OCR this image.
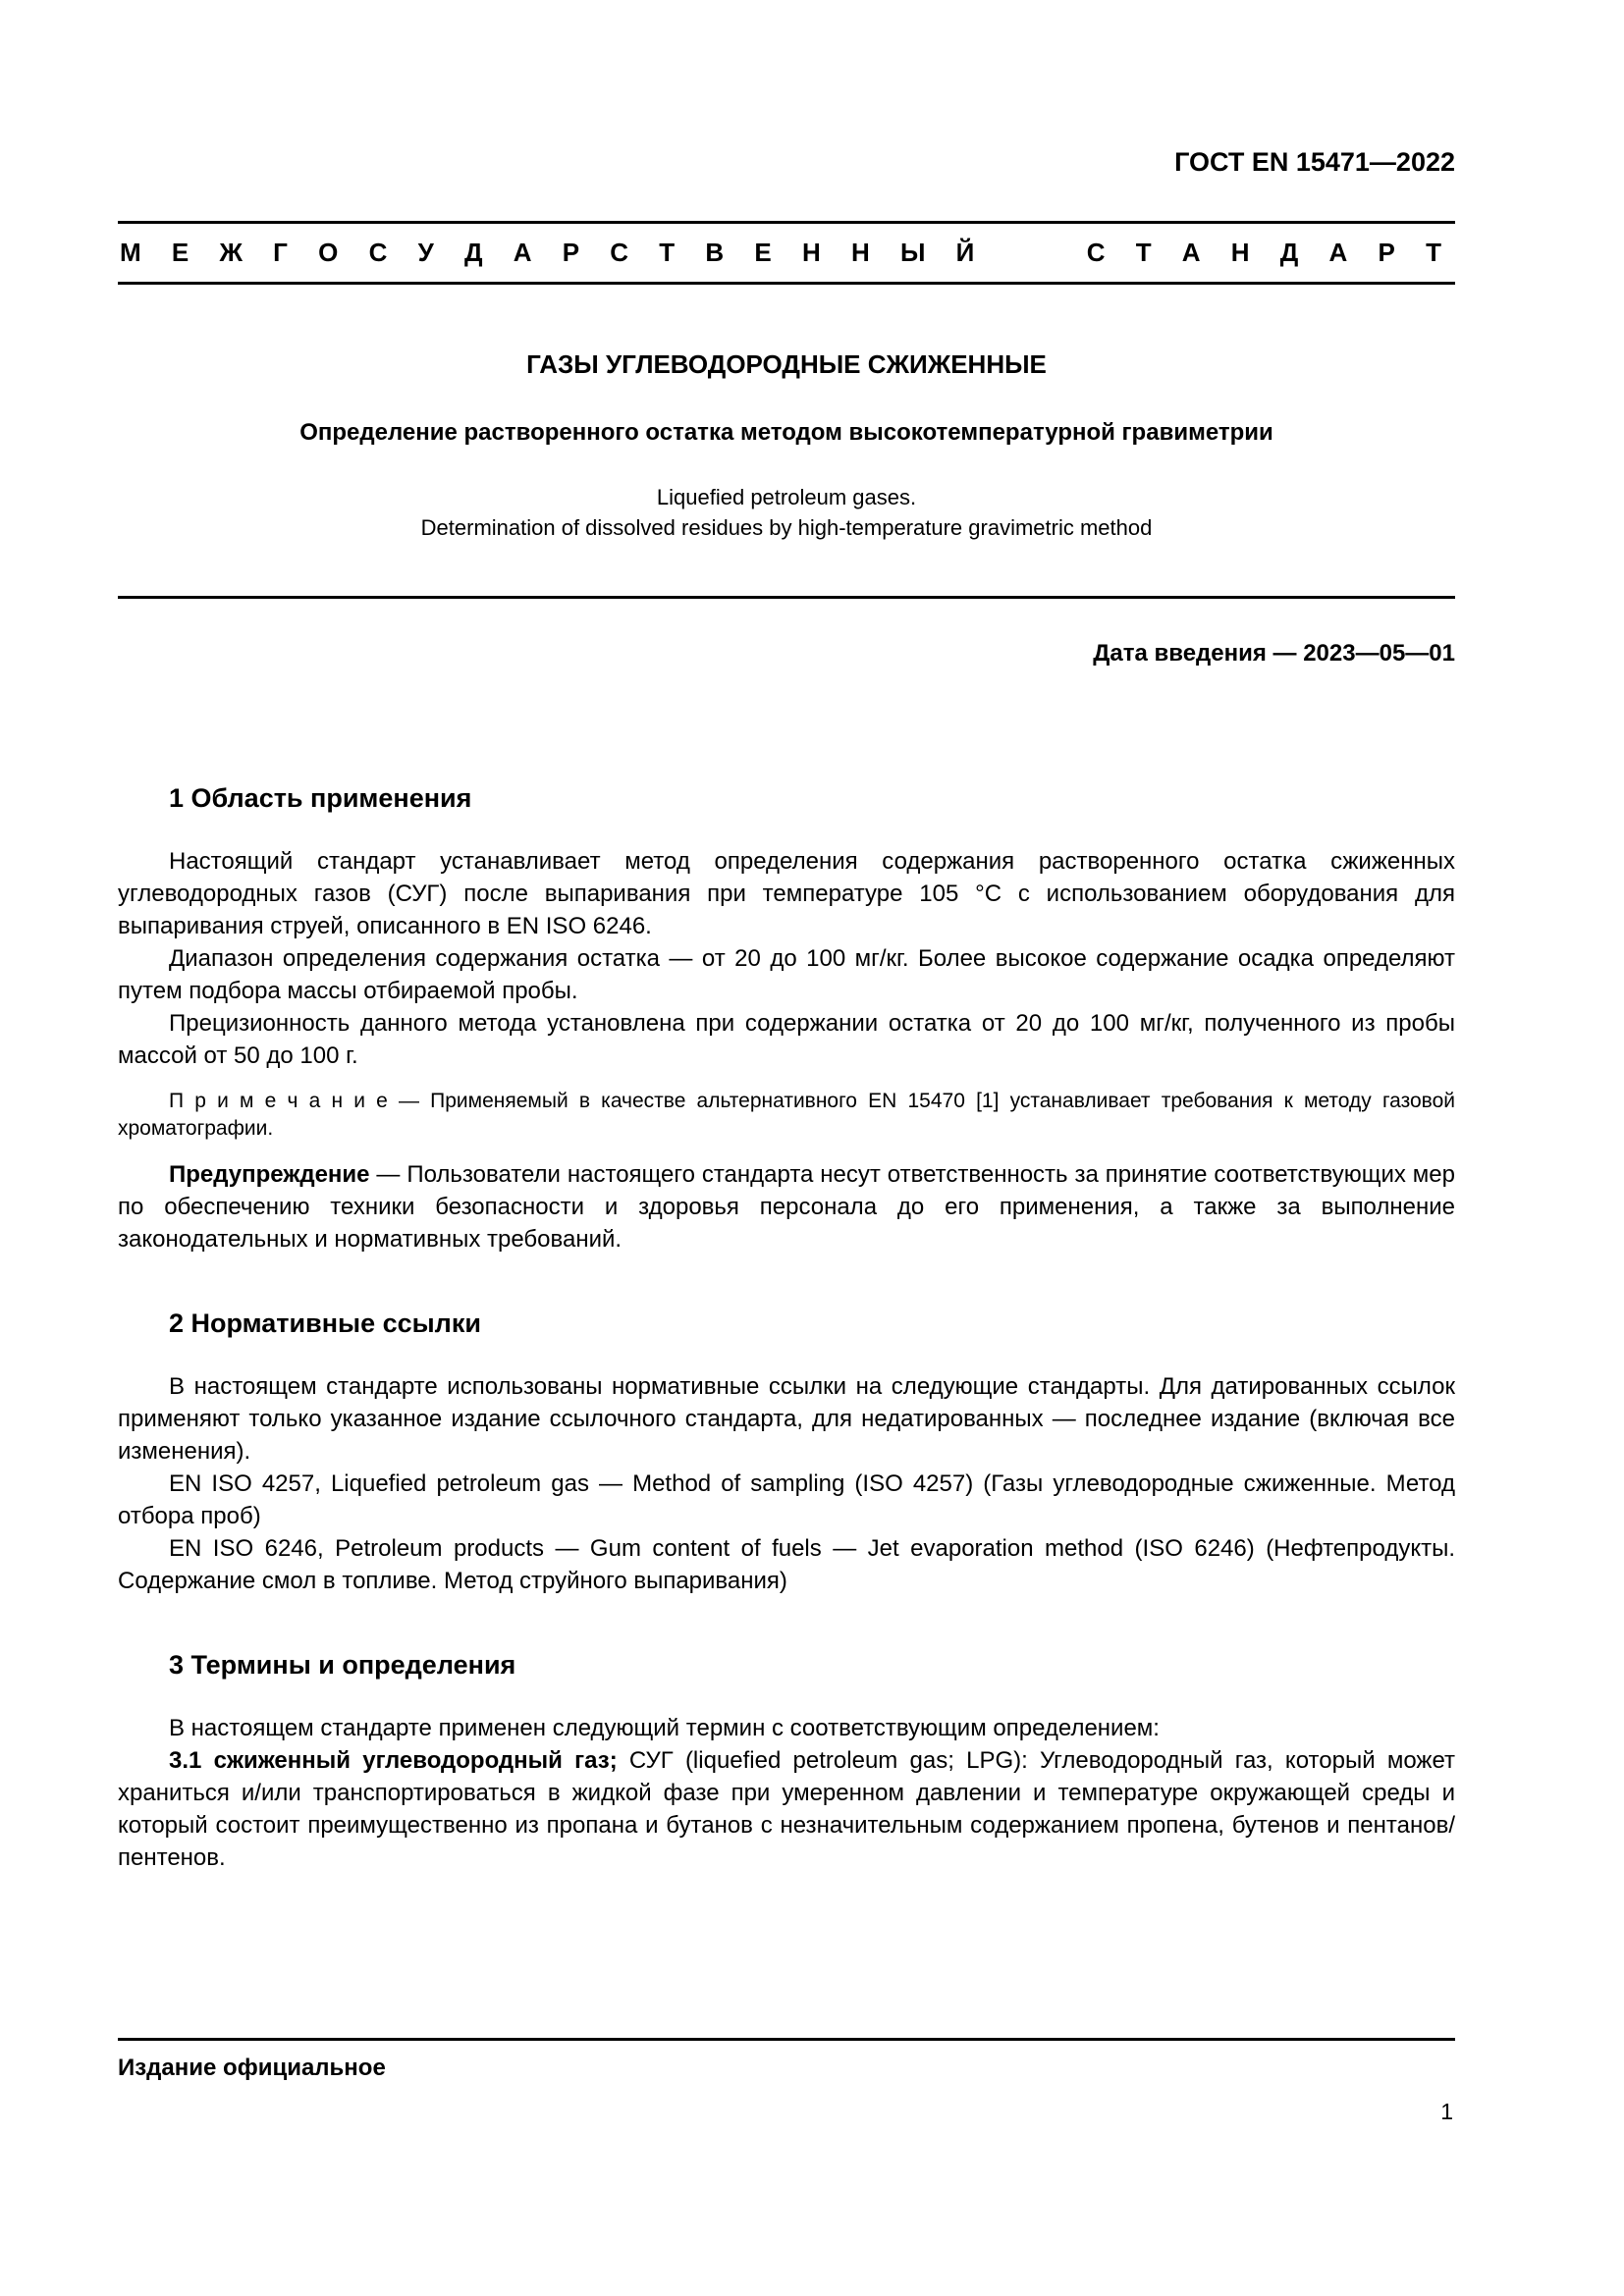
ГОСТ EN 15471—2022
М Е Ж Г О С У Д А Р С Т В Е Н Н Ы Й	С Т А Н Д А Р Т
ГАЗЫ УГЛЕВОДОРОДНЫЕ СЖИЖЕННЫЕ
Определение растворенного остатка методом высокотемпературной гравиметрии
Liquefied petroleum gases.
Determination of dissolved residues by high-temperature gravimetric method
Дата введения — 2023—05—01
1 Область применения

Настоящий стандарт устанавливает метод определения содержания растворенного остатка сжиженных углеводородных газов (СУГ) после выпаривания при температуре 105 °С с использованием оборудования для выпаривания струей, описанного в EN ISO 6246.

Диапазон определения содержания остатка — от 20 до 100 мг/кг. Более высокое содержание осадка определяют путем подбора массы отбираемой пробы.

Прецизионность данного метода установлена при содержании остатка от 20 до 100 мг/кг, полученного из пробы массой от 50 до 100 г.

П р и м е ч а н и е — Применяемый в качестве альтернативного EN 15470 [1] устанавливает требования к методу газовой хроматографии.

Предупреждение — Пользователи настоящего стандарта несут ответственность за принятие соответствующих мер по обеспечению техники безопасности и здоровья персонала до его применения, а также за выполнение законодательных и нормативных требований.

2 Нормативные ссылки

В настоящем стандарте использованы нормативные ссылки на следующие стандарты. Для датированных ссылок применяют только указанное издание ссылочного стандарта, для недатированных — последнее издание (включая все изменения).

EN ISO 4257, Liquefied petroleum gas — Method of sampling (ISO 4257) (Газы углеводородные сжиженные. Метод отбора проб)

EN ISO 6246, Petroleum products — Gum content of fuels — Jet evaporation method (ISO 6246) (Нефтепродукты. Содержание смол в топливе. Метод струйного выпаривания)

3 Термины и определения

В настоящем стандарте применен следующий термин с соответствующим определением:

3.1 сжиженный углеводородный газ; СУГ (liquefied petroleum gas; LPG): Углеводородный газ, который может храниться и/или транспортироваться в жидкой фазе при умеренном давлении и температуре окружающей среды и который состоит преимущественно из пропана и бутанов с незначительным содержанием пропена, бутенов и пентанов/пентенов.

Издание официальное
1
